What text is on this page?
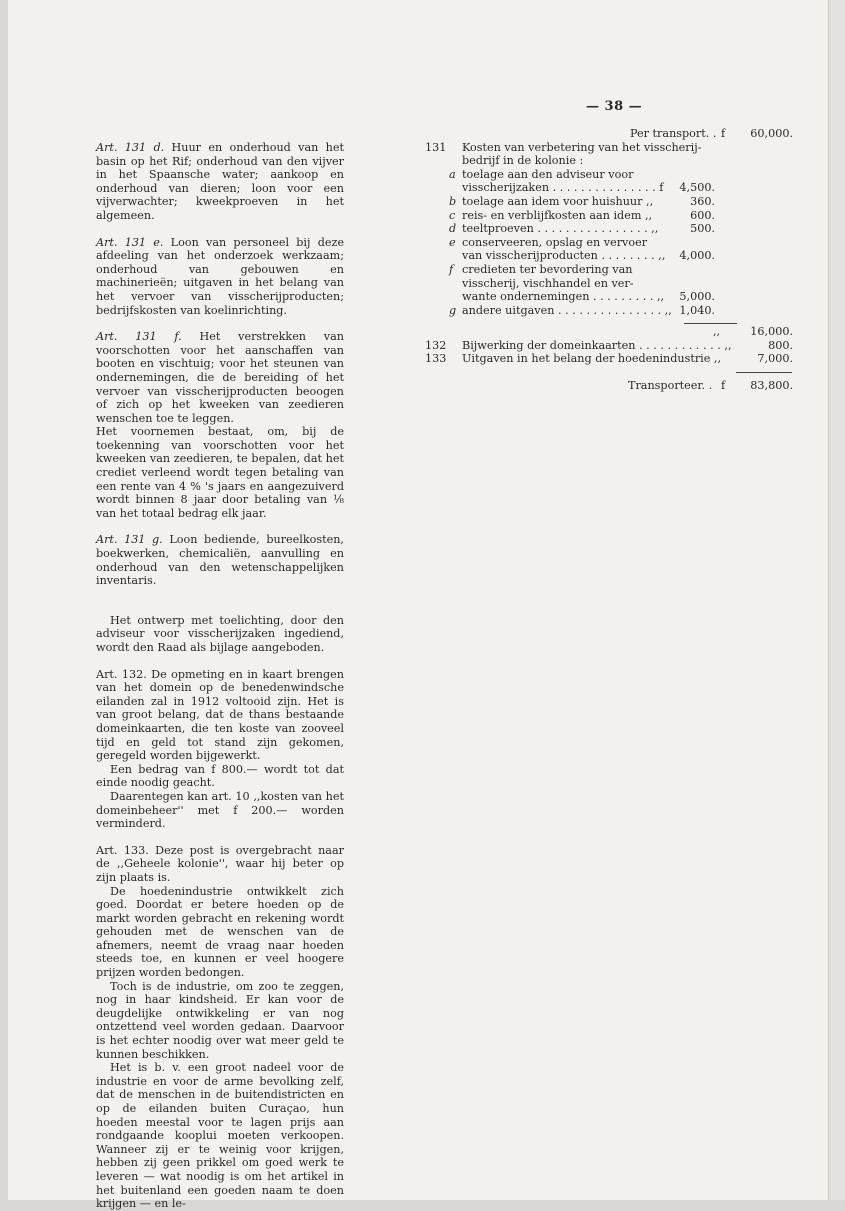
— 38 —

Art. 131 d. Huur en onderhoud van het basin op het Rif; onderhoud van den vijver in het Spaansche water; aankoop en onderhoud van dieren; loon voor een vijverwachter; kweekproeven in het algemeen.

Art. 131 e. Loon van personeel bij deze afdeeling van het onderzoek werkzaam; onderhoud van gebouwen en machinerieën; uitgaven in het belang van het vervoer van visscherijproducten; bedrijfskosten van koelinrichting.

Art. 131 f. Het verstrekken van voorschotten voor het aanschaffen van booten en vischtuig; voor het steunen van ondernemingen, die de bereiding of het vervoer van visscherijproducten beoogen of zich op het kweeken van zeedieren wenschen toe te leggen.

Het voornemen bestaat, om, bij de toekenning van voorschotten voor het kweeken van zeedieren, te bepalen, dat het crediet verleend wordt tegen betaling van een rente van 4 % 's jaars en aangezuiverd wordt binnen 8 jaar door betaling van ⅛ van het totaal bedrag elk jaar.

Art. 131 g. Loon bediende, bureelkosten, boekwerken, chemicaliën, aanvulling en onderhoud van den wetenschappelijken inventaris.

Het ontwerp met toelichting, door den adviseur voor visscherijzaken ingediend, wordt den Raad als bijlage aangeboden.

Art. 132. De opmeting en in kaart brengen van het domein op de benedenwindsche eilanden zal in 1912 voltooid zijn. Het is van groot belang, dat de thans bestaande domeinkaarten, die ten koste van zooveel tijd en geld tot stand zijn gekomen, geregeld worden bijgewerkt.

Een bedrag van f 800.— wordt tot dat einde noodig geacht.

Daarentegen kan art. 10 ,,kosten van het domeinbeheer'' met f 200.— worden verminderd.

Art. 133. Deze post is overgebracht naar de ,,Geheele kolonie'', waar hij beter op zijn plaats is.

De hoedenindustrie ontwikkelt zich goed. Doordat er betere hoeden op de markt worden gebracht en rekening wordt gehouden met de wenschen van de afnemers, neemt de vraag naar hoeden steeds toe, en kunnen er veel hoogere prijzen worden bedongen.

Toch is de industrie, om zoo te zeggen, nog in haar kindsheid. Er kan voor de deugdelijke ontwikkeling er van nog ontzettend veel worden gedaan. Daarvoor is het echter noodig over wat meer geld te kunnen beschikken.

Het is b. v. een groot nadeel voor de industrie en voor de arme bevolking zelf, dat de menschen in de buitendistricten en op de eilanden buiten Curaçao, hun hoeden meestal voor te lagen prijs aan rondgaande kooplui moeten verkoopen. Wanneer zij er te weinig voor krijgen, hebben zij geen prikkel om goed werk te leveren — wat noodig is om het artikel in het buitenland een goeden naam te doen krijgen — en le-

Per transport. . f 60,000.
131	Kosten van verbetering van het visscherij-
bedrijf in de kolonie :
a toelage aan den adviseur voor
visscherijzaken . . . . . . . . . . . . . . . f 4,500.
b toelage aan idem voor huishuur ,,	360.
c reis- en verblijfkosten aan idem ,,	600.
d teeltproeven . . . . . . . . . . . . . . . . ,,	500.
e conserveeren, opslag en vervoer
van visscherijproducten . . . . . . . . ,, 4,000.
f credieten ter bevordering van
visscherij, vischhandel en ver-
wante ondernemingen . . . . . . . . . ,, 5,000.
g andere uitgaven . . . . . . . . . . . . . . . ,, 1,040.
,,	16,000.
132	Bijwerking der domeinkaarten . . . . . . . . . . . . ,,	800.
133	Uitgaven in het belang der hoedenindustrie ,,	7,000.
Transporteer. . f 83,800.
